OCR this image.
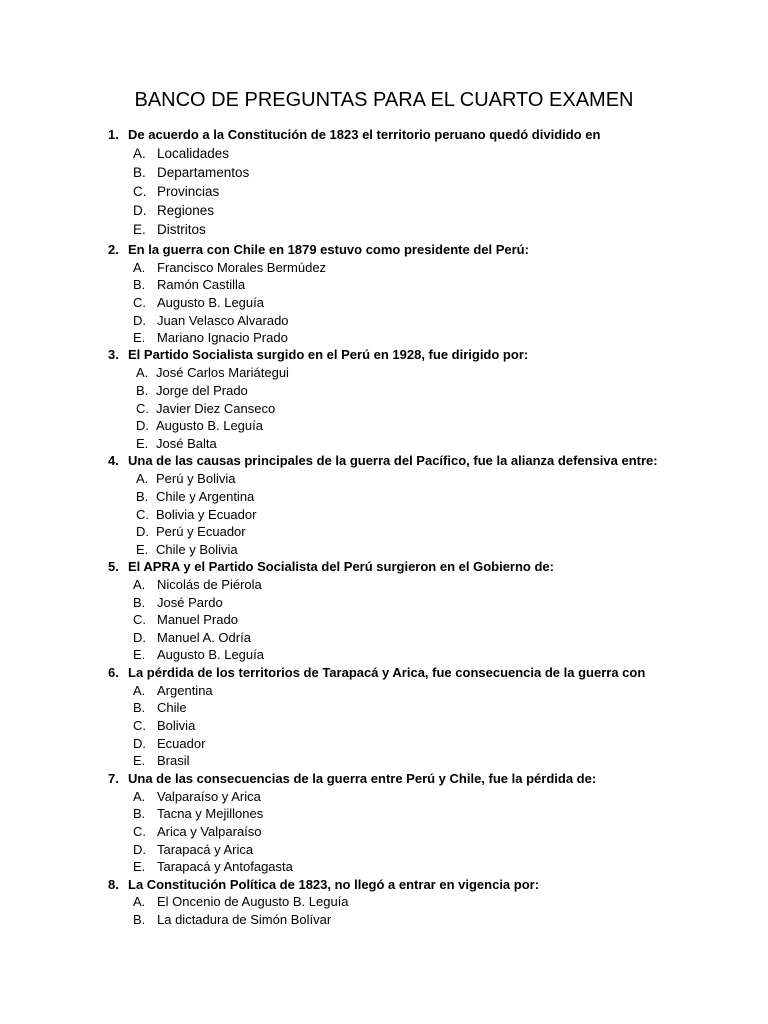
BANCO DE PREGUNTAS PARA EL CUARTO EXAMEN
1. De acuerdo a la Constitución de 1823 el territorio peruano quedó dividido en
A. Localidades
B. Departamentos
C. Provincias
D. Regiones
E. Distritos
2. En la guerra con Chile en 1879 estuvo como presidente del Perú:
A. Francisco Morales Bermúdez
B. Ramón Castilla
C. Augusto B. Leguía
D. Juan Velasco Alvarado
E. Mariano Ignacio Prado
3. El Partido Socialista surgido en el Perú en 1928, fue dirigido por:
A. José Carlos Mariátegui
B. Jorge del Prado
C. Javier Diez Canseco
D. Augusto B. Leguía
E. José Balta
4. Una de las causas principales de la guerra del Pacífico, fue la alianza defensiva entre:
A. Perú y Bolivia
B. Chile y Argentina
C. Bolivia y Ecuador
D. Perú y Ecuador
E. Chile y Bolivia
5. El APRA y el Partido Socialista del Perú surgieron en el Gobierno de:
A. Nicolás de Piérola
B. José Pardo
C. Manuel Prado
D. Manuel A. Odría
E. Augusto B. Leguía
6. La pérdida de los territorios de Tarapacá y Arica, fue consecuencia de la guerra con
A. Argentina
B. Chile
C. Bolivia
D. Ecuador
E. Brasil
7. Una de las consecuencias de la guerra entre Perú y Chile, fue la pérdida de:
A. Valparaíso y Arica
B. Tacna y Mejillones
C. Arica y Valparaíso
D. Tarapacá y Arica
E. Tarapacá y Antofagasta
8. La Constitución Política de 1823, no llegó a entrar en vigencia por:
A. El Oncenio de Augusto B. Leguía
B. La dictadura de Simón Bolívar
